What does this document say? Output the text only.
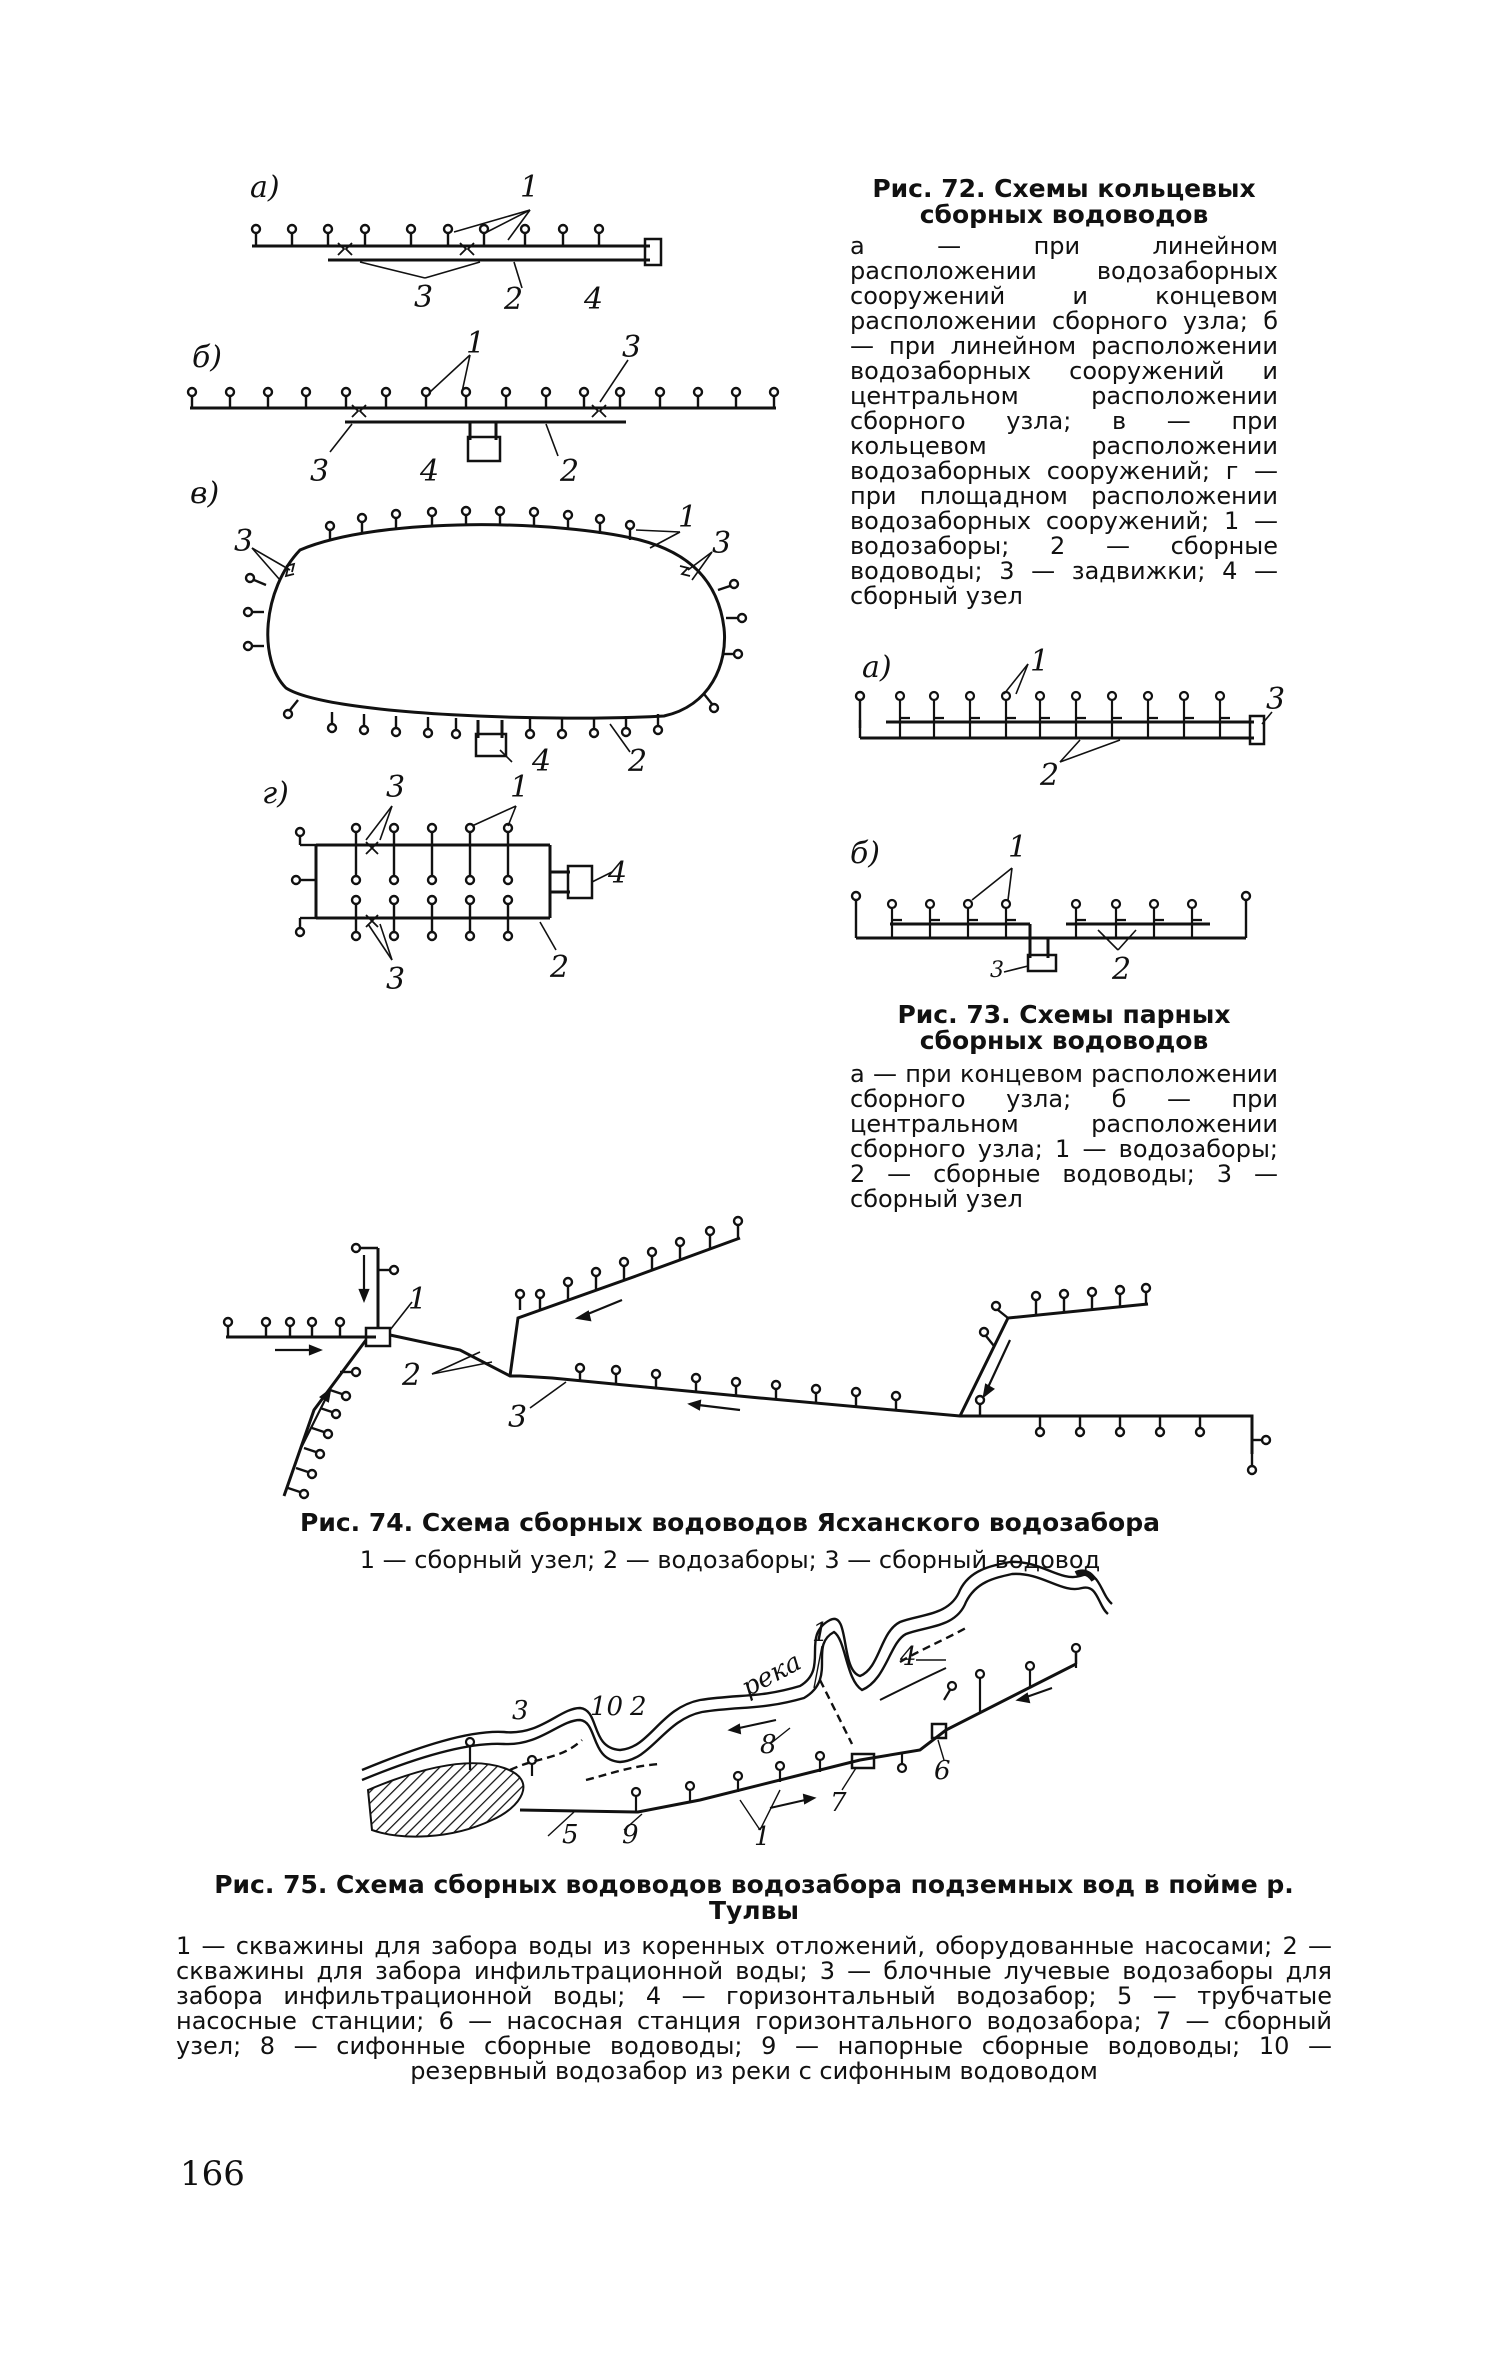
а)	1
3 2 4
б)	1	3
3	4	2
в)
3
1
3
4	2
г)	3	1
4
3	2
Рис. 72. Схемы кольцевых сборных водоводов
а — при линейном расположении водозаборных сооружений и концевом расположении сборного узла; б — при линейном расположении водозаборных сооружений и центральном расположении сборного узла; в — при кольцевом расположении водозаборных сооружений; г — при площадном расположении водозаборных сооружений; 1 — водозаборы; 2 — сборные водоводы; 3 — задвижки; 4 — сборный узел
а)	1
3
2
б)	1
3	2
Рис. 73. Схемы парных сборных водоводов
а — при концевом расположении сборного узла; б — при центральном расположении сборного узла; 1 — водозаборы; 2 — сборные водоводы; 3 — сборный узел
1
2
3
Рис. 74. Схема сборных водоводов Ясханского водозабора
1 — сборный узел; 2 — водозаборы; 3 — сборный водовод
3 10 2
река
1
4
8
6
7
5 9	1
Рис. 75. Схема сборных водоводов водозабора подземных вод в пойме р. Тулвы
1 — скважины для забора воды из коренных отложений, оборудованные насосами; 2 — скважины для забора инфильтрационной воды; 3 — блочные лучевые водозаборы для забора инфильтрационной воды; 4 — горизонтальный водозабор; 5 — трубчатые насосные станции; 6 — насосная станция горизонтального водозабора; 7 — сборный узел; 8 — сифонные сборные водоводы; 9 — напорные сборные водоводы; 10 — резервный водозабор из реки с сифонным водоводом
166
